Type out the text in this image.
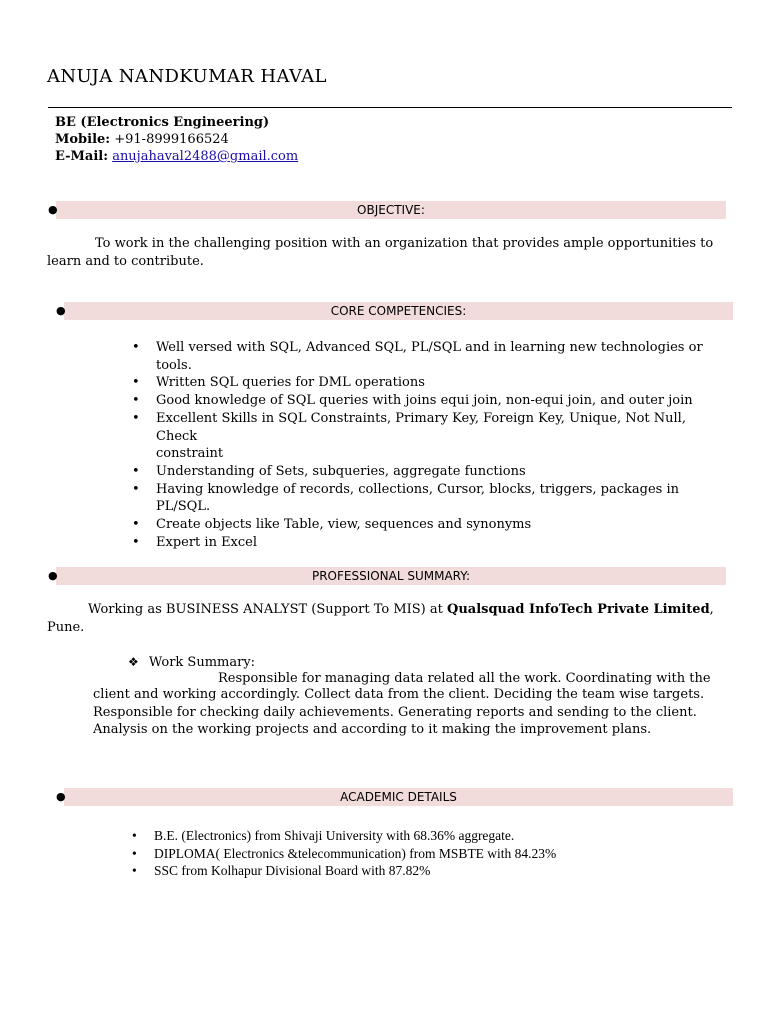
ANUJA NANDKUMAR HAVAL
BE (Electronics Engineering)
Mobile: +91-8999166524
E-Mail: anujahaval2488@gmail.com
●	OBJECTIVE:
To work in the challenging position with an organization that provides ample opportunities to
learn and to contribute.
●	CORE COMPETENCIES:
• Well versed with SQL, Advanced SQL, PL/SQL and in learning new technologies or
tools.
• Written SQL queries for DML operations
• Good knowledge of SQL queries with joins equi join, non-equi join, and outer join
• Excellent Skills in SQL Constraints, Primary Key, Foreign Key, Unique, Not Null, Check
constraint
• Understanding of Sets, subqueries, aggregate functions
• Having knowledge of records, collections, Cursor, blocks, triggers, packages in
PL/SQL.
• Create objects like Table, view, sequences and synonyms
• Expert in Excel
●	PROFESSIONAL SUMMARY:
Working as BUSINESS ANALYST (Support To MIS) at Qualsquad InfoTech Private Limited,
Pune.
❖ Work Summary:
Responsible for managing data related all the work. Coordinating with the
client and working accordingly. Collect data from the client. Deciding the team wise targets.
Responsible for checking daily achievements. Generating reports and sending to the client.
Analysis on the working projects and according to it making the improvement plans.
●	ACADEMIC DETAILS
• B.E. (Electronics) from Shivaji University with 68.36% aggregate.
• DIPLOMA( Electronics &telecommunication) from MSBTE with 84.23%
• SSC from Kolhapur Divisional Board with 87.82%
